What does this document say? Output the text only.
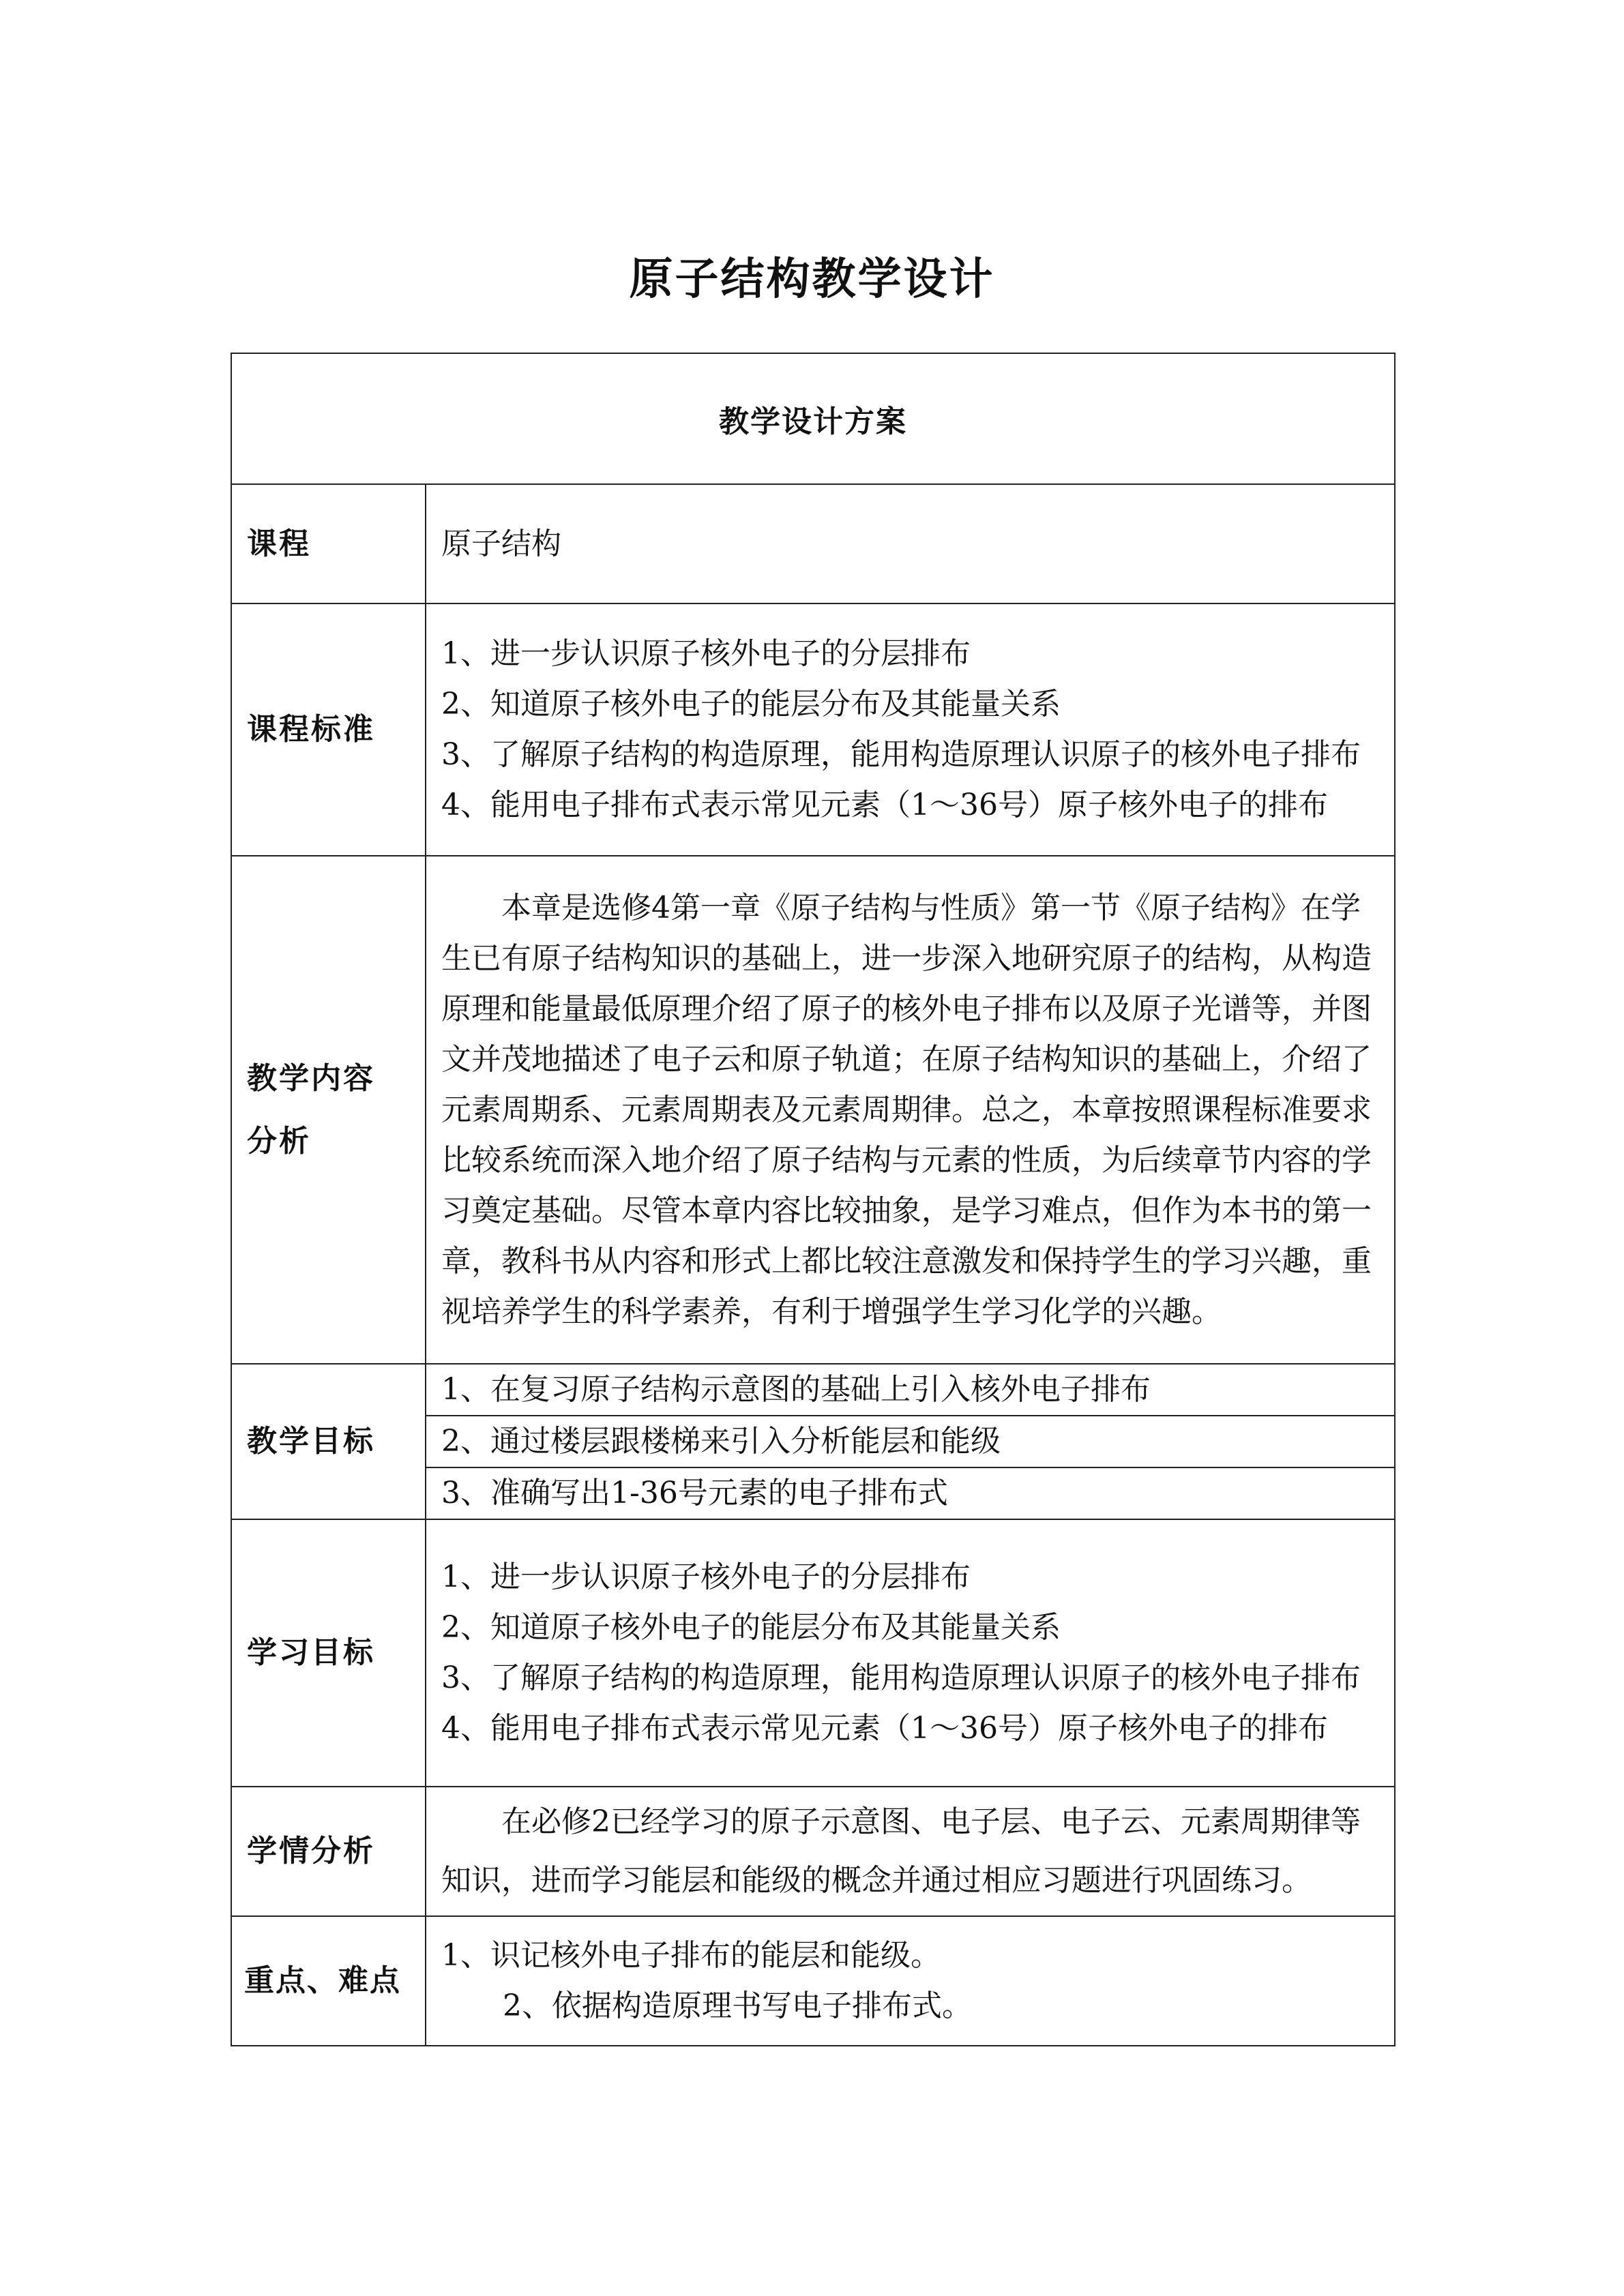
原子结构教学设计
教学设计方案	
课程	原子结构
课程标准	1、进一步认识原子核外电子的分层排布
2、知道原子核外电子的能层分布及其能量关系
3、了解原子结构的构造原理，能用构造原理认识原子的核外电子排布
4、能用电子排布式表示常见元素（1～36号）原子核外电子的排布

教学内容
分析	本章是选修4第一章《原子结构与性质》第一节《原子结构》在学生已有原子结构知识的基础上，进一步深入地研究原子的结构，从构造原理和能量最低原理介绍了原子的核外电子排布以及原子光谱等，并图文并茂地描述了电子云和原子轨道；在原子结构知识的基础上，介绍了元素周期系、元素周期表及元素周期律。总之，本章按照课程标准要求比较系统而深入地介绍了原子结构与元素的性质，为后续章节内容的学习奠定基础。尽管本章内容比较抽象，是学习难点，但作为本书的第一章，教科书从内容和形式上都比较注意激发和保持学生的学习兴趣，重视培养学生的科学素养，有利于增强学生学习化学的兴趣。

教学目标	1、在复习原子结构示意图的基础上引入核外电子排布
	2、通过楼层跟楼梯来引入分析能层和能级
	3、准确写出1-36号元素的电子排布式
学习目标	1、进一步认识原子核外电子的分层排布
2、知道原子核外电子的能层分布及其能量关系
3、了解原子结构的构造原理，能用构造原理认识原子的核外电子排布
4、能用电子排布式表示常见元素（1～36号）原子核外电子的排布

学情分析	在必修2已经学习的原子示意图、电子层、电子云、元素周期律等知识，进而学习能层和能级的概念并通过相应习题进行巩固练习。

重点、难点	1、识记核外电子排布的能层和能级。
2、依据构造原理书写电子排布式。
